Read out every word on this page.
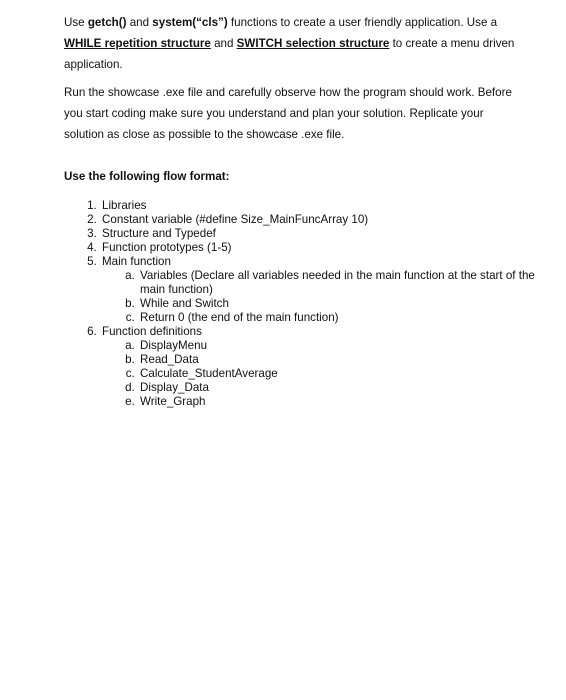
Use getch() and system(“cls”) functions to create a user friendly application. Use a WHILE repetition structure and SWITCH selection structure to create a menu driven application.

Run the showcase .exe file and carefully observe how the program should work. Before you start coding make sure you understand and plan your solution. Replicate your solution as close as possible to the showcase .exe file.

Use the following flow format:

1. Libraries
2. Constant variable (#define Size_MainFuncArray 10)
3. Structure and Typedef
4. Function prototypes (1-5)
5. Main function
a. Variables (Declare all variables needed in the main function at the start of the main function)
b. While and Switch
c. Return 0 (the end of the main function)
6. Function definitions
a. DisplayMenu
b. Read_Data
c. Calculate_StudentAverage
d. Display_Data
e. Write_Graph
